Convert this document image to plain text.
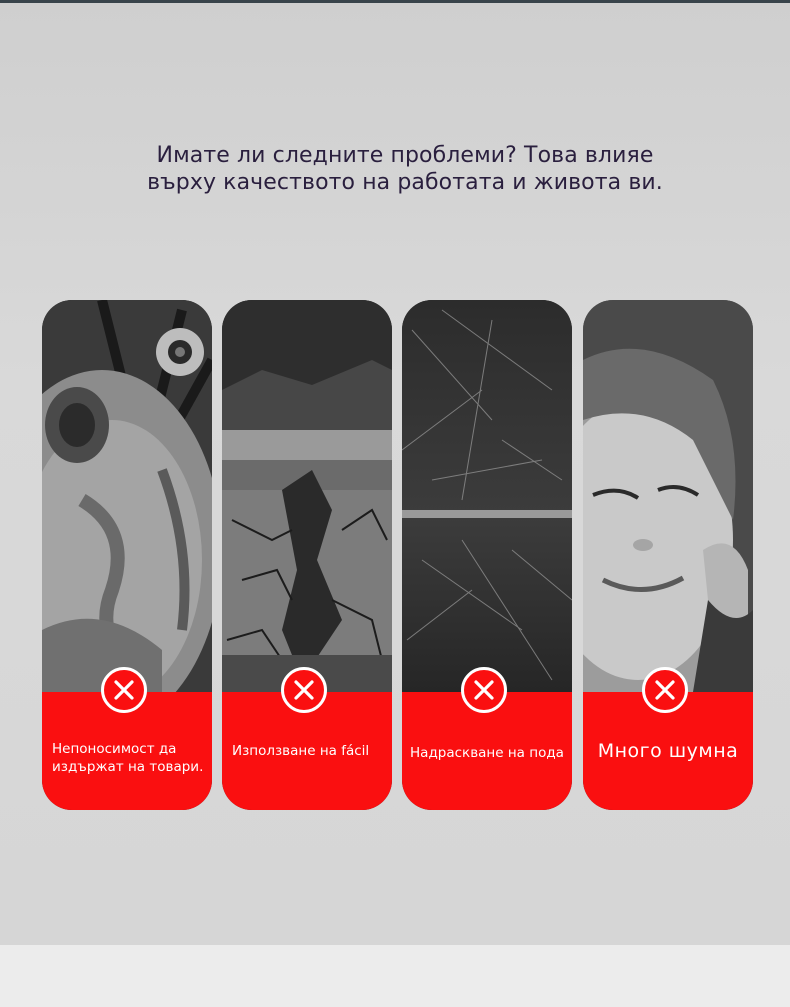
Имате ли следните проблеми? Това влияе
върху качеството на работата и живота ви.
Непоносимост да издържат на товари.
Използване на fácil	Надраскване на пода	Много шумна
